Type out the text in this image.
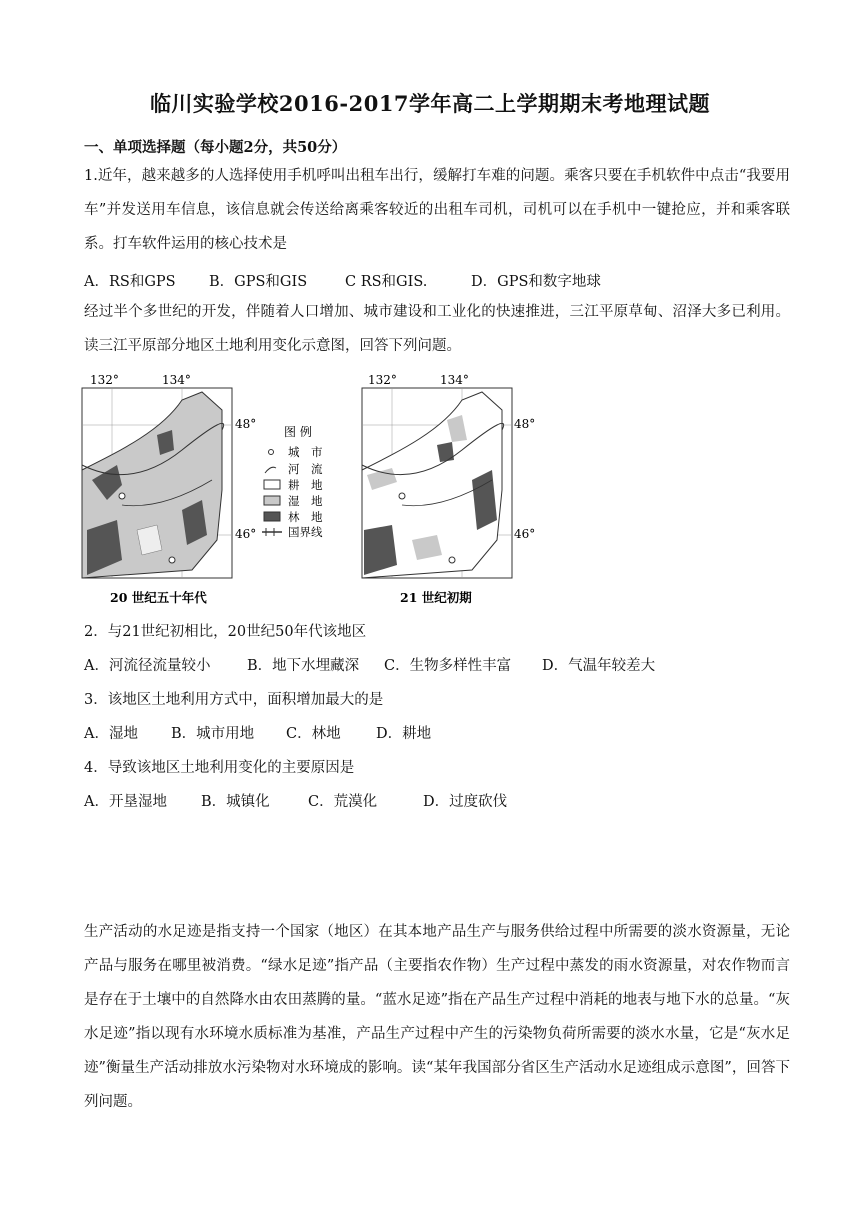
临川实验学校2016-2017学年高二上学期期末考地理试题
一、单项选择题（每小题2分，共50分）

1.近年，越来越多的人选择使用手机呼叫出租车出行，缓解打车难的问题。乘客只要在手机软件中点击“我要用车”并发送用车信息，该信息就会传送给离乘客较近的出租车司机，司机可以在手机中一键抢应，并和乘客联系。打车软件运用的核心技术是

A．RS和GPS B．GPS和GIS	C RS和GIS.	D．GPS和数字地球

经过半个多世纪的开发，伴随着人口增加、城市建设和工业化的快速推进，三江平原草甸、沼泽大多已利用。读三江平原部分地区土地利用变化示意图，回答下列问题。

132°	134°
48°
46°
20 世纪五十年代
图 例
城　市
河　流
耕　地
湿　地
林　地
国界线
132°	134°
48°
46°
21 世纪初期
2．与21世纪初相比，20世纪50年代该地区
A．河流径流量较小	B．地下水埋藏深 C．生物多样性丰富 D．气温年较差大
3．该地区土地利用方式中，面积增加最大的是
A．湿地 B．城市用地 C．林地 D．耕地
4．导致该地区土地利用变化的主要原因是
A．开垦湿地 B．城镇化	C．荒漠化	D．过度砍伐

生产活动的水足迹是指支持一个国家（地区）在其本地产品生产与服务供给过程中所需要的淡水资源量，无论产品与服务在哪里被消费。“绿水足迹”指产品（主要指农作物）生产过程中蒸发的雨水资源量，对农作物而言是存在于土壤中的自然降水由农田蒸腾的量。“蓝水足迹”指在产品生产过程中消耗的地表与地下水的总量。“灰水足迹”指以现有水环境水质标准为基准，产品生产过程中产生的污染物负荷所需要的淡水水量，它是“灰水足迹”衡量生产活动排放水污染物对水环境成的影响。读“某年我国部分省区生产活动水足迹组成示意图”，回答下列问题。
